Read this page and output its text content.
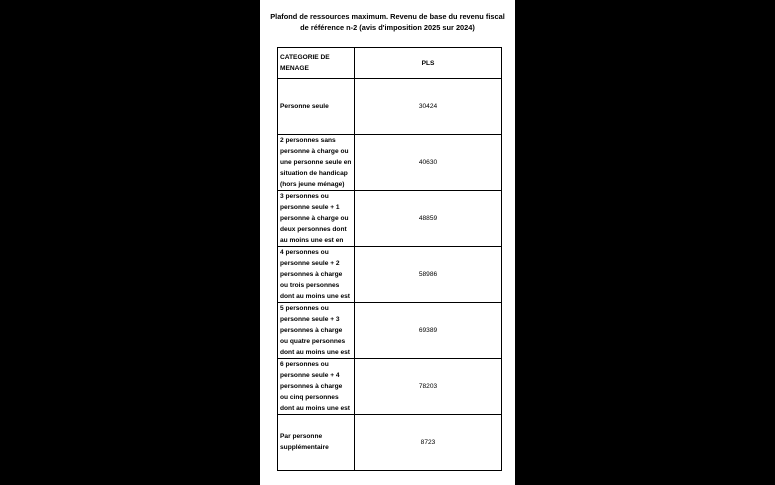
Plafond de ressources maximum. Revenu de base du revenu fiscal
de référence n-2 (avis d'imposition 2025 sur 2024)
CATEGORIE DE MENAGE	PLS

Personne seule	30424

2 personnes sans personne à charge ou une personne seule en situation de handicap (hors jeune ménage)	40630

3 personnes ou personne seule + 1 personne à charge ou deux personnes dont au moins une est en	48859

4 personnes ou personne seule + 2 personnes à charge ou trois personnes dont au moins une est	58986

5 personnes ou personne seule + 3 personnes à charge ou quatre personnes dont au moins une est	69389

6 personnes ou personne seule + 4 personnes à charge ou cinq personnes dont au moins une est	78203

Par personne supplémentaire	8723
